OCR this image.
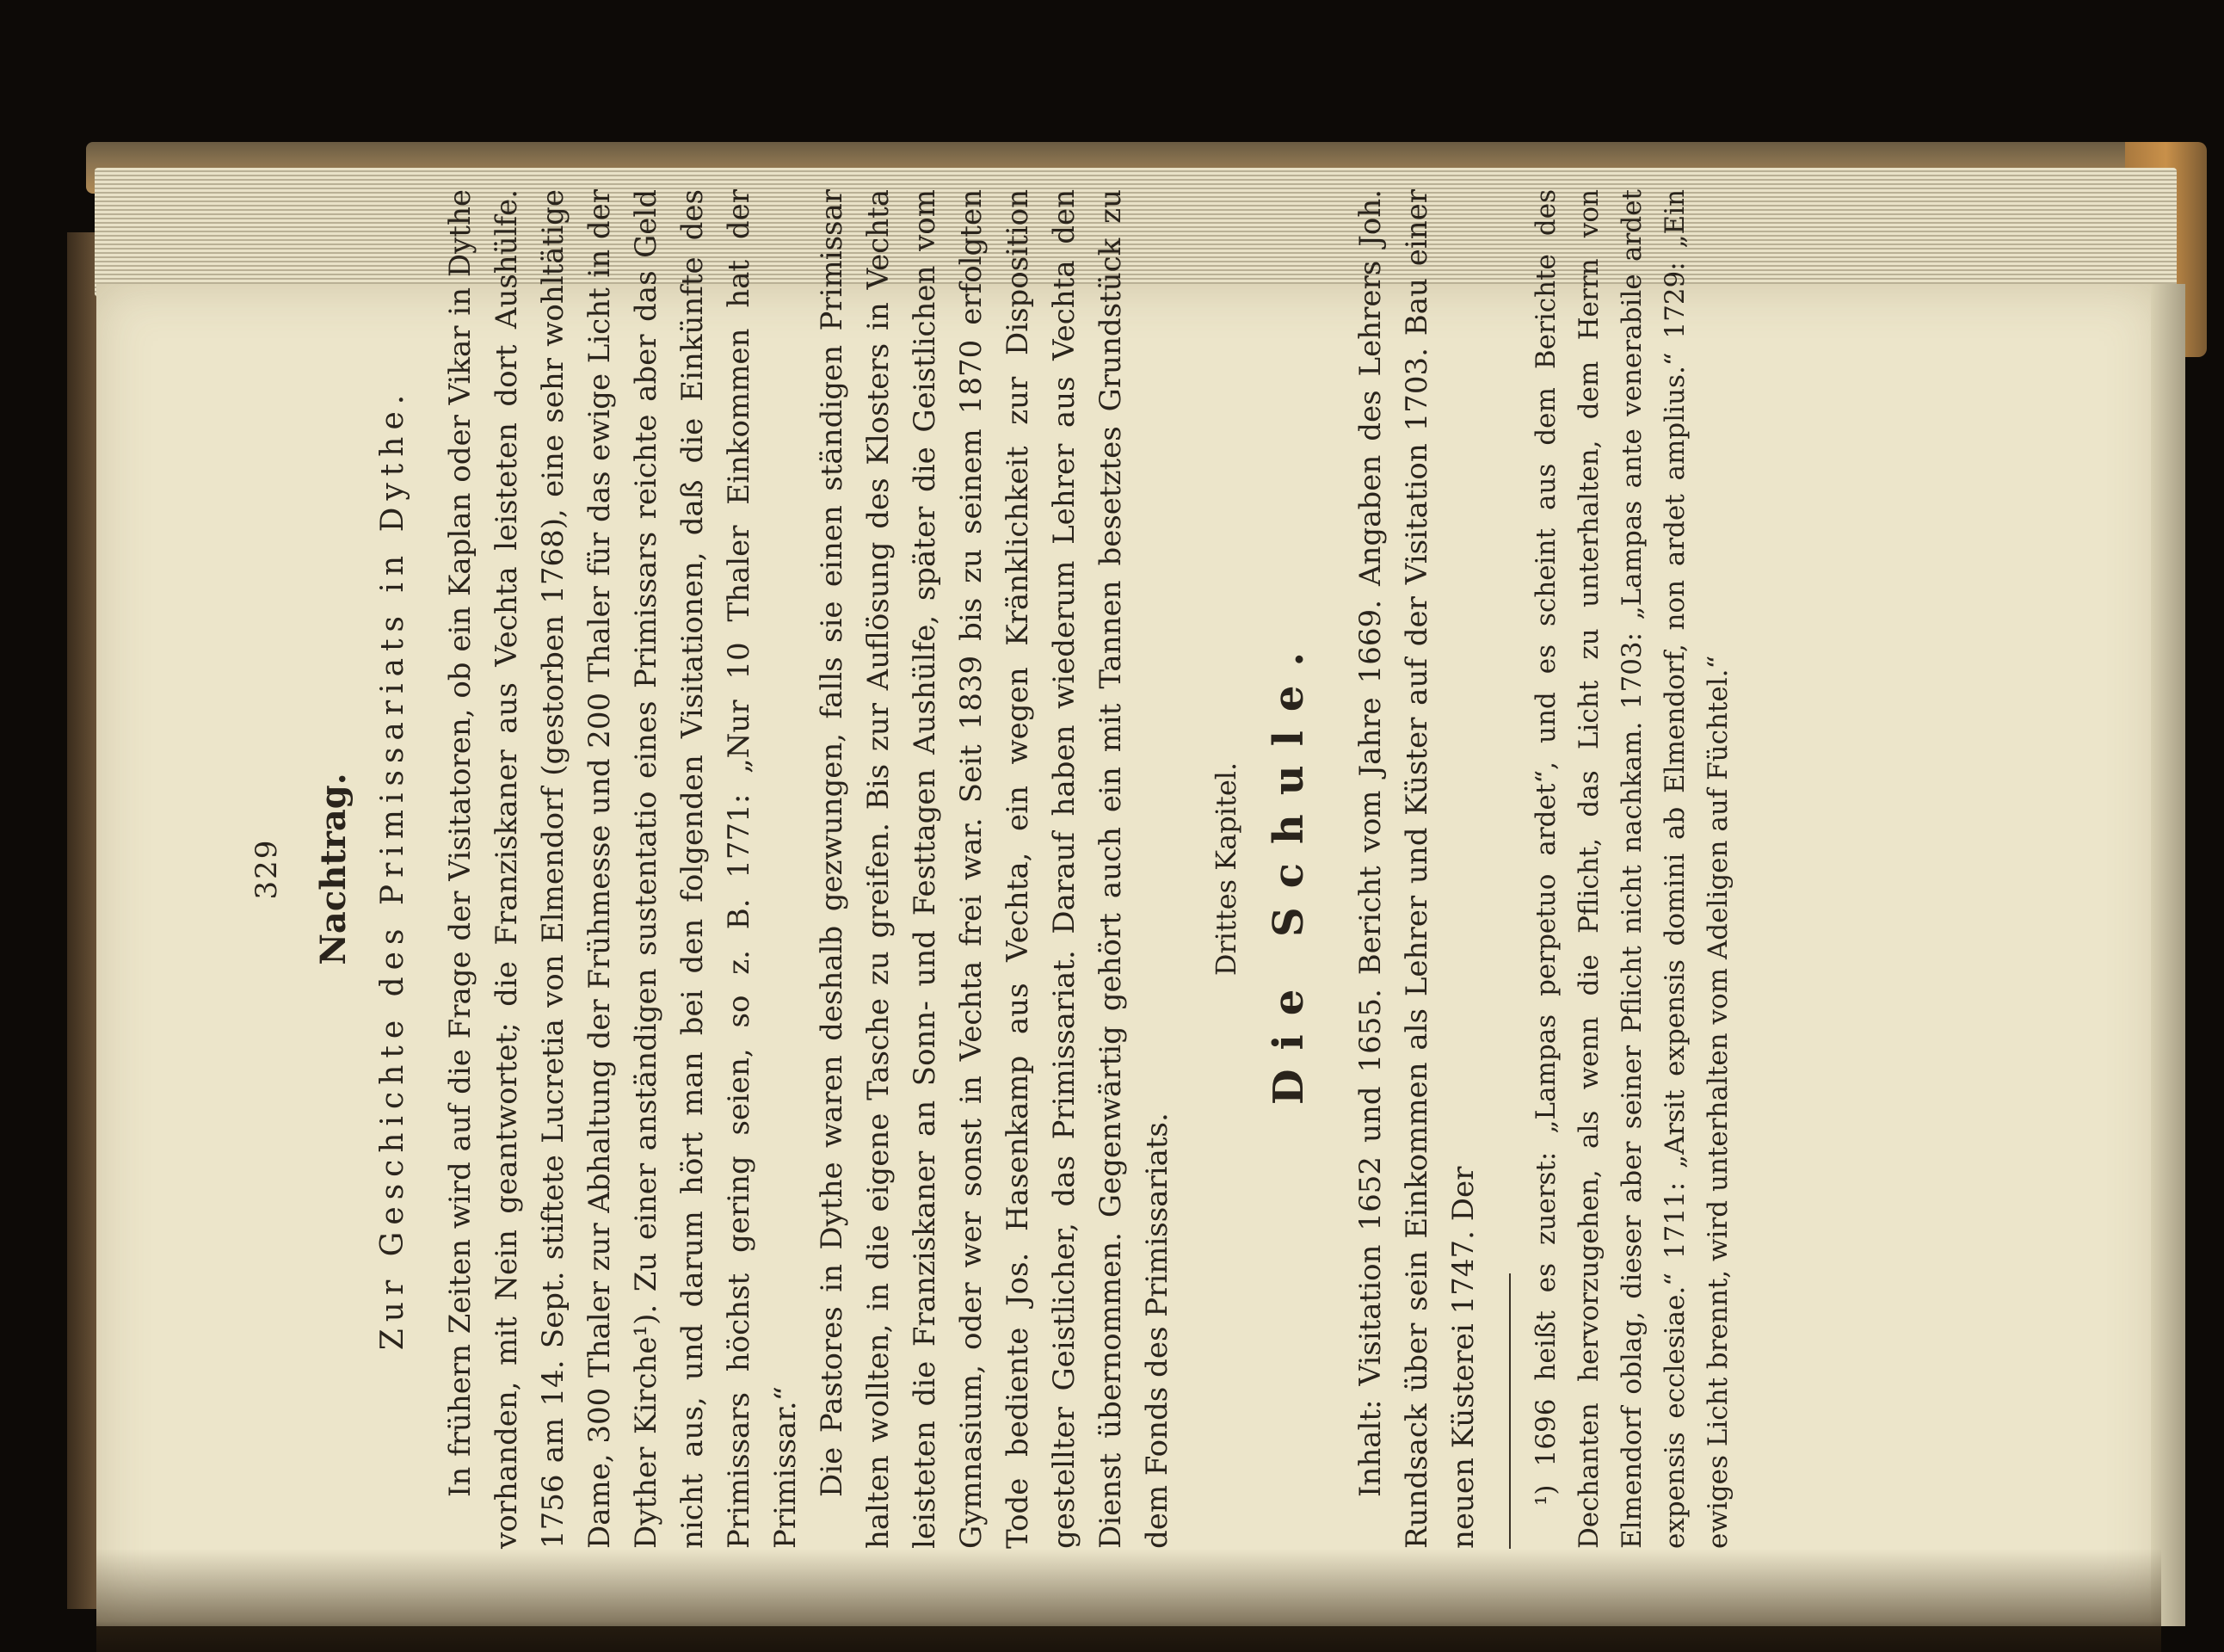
329 Nachtrag. Zur Geschichte des Primissariats in Dythe.	In frühern Zeiten wird auf die Frage der Visitatoren, ob ein Kaplan oder Vikar in Dythe vorhanden, mit Nein geantwortet; die Franziskaner aus Vechta leisteten dort Aushülfe. 1756 am 14. Sept. stiftete Lucretia von Elmendorf (gestorben 1768), eine sehr wohltätige Dame, 300 Thaler zur Abhaltung der Frühmesse und 200 Thaler für das ewige Licht in der Dyther Kirche¹). Zu einer anständigen sustentatio eines Primissars reichte aber das Geld nicht aus, und darum hört man bei den folgenden Visitationen, daß die Einkünfte des Primissars höchst gering seien, so z. B. 1771: „Nur 10 Thaler Einkommen hat der Primissar.“ Die Pastores in Dythe waren deshalb gezwungen, falls sie einen ständigen Primissar halten wollten, in die eigene Tasche zu greifen. Bis zur Auflösung des Klosters in Vechta leisteten die Franziskaner an Sonn- und Festtagen Aushülfe, später die Geistlichen vom Gymnasium, oder wer sonst in Vechta frei war. Seit 1839 bis zu seinem 1870 erfolgten Tode bediente Jos. Hasenkamp aus Vechta, ein wegen Kränklichkeit zur Disposition gestellter Geistlicher, das Primissariat. Darauf haben wiederum Lehrer aus Vechta den Dienst übernommen. Gegenwärtig gehört auch ein mit Tannen besetztes Grundstück zu dem Fonds des Primissariats.

Drittes Kapitel. Die Schule.	Inhalt: Visitation 1652 und 1655. Bericht vom Jahre 1669. Angaben des Lehrers Joh. Rundsack über sein Einkommen als Lehrer und Küster auf der Visitation 1703. Bau einer neuen Küsterei 1747. Der ¹) 1696 heißt es zuerst: „Lampas perpetuo ardet“, und es scheint aus dem Berichte des Dechanten hervorzugehen, als wenn die Pflicht, das Licht zu unterhalten, dem Herrn von Elmendorf oblag, dieser aber seiner Pflicht nicht nachkam. 1703: „Lampas ante venerabile ardet expensis ecclesiae.“ 1711: „Arsit expensis domini ab Elmendorf, non ardet amplius.“ 1729: „Ein ewiges Licht brennt, wird unterhalten vom Adeligen auf Füchtel.“
